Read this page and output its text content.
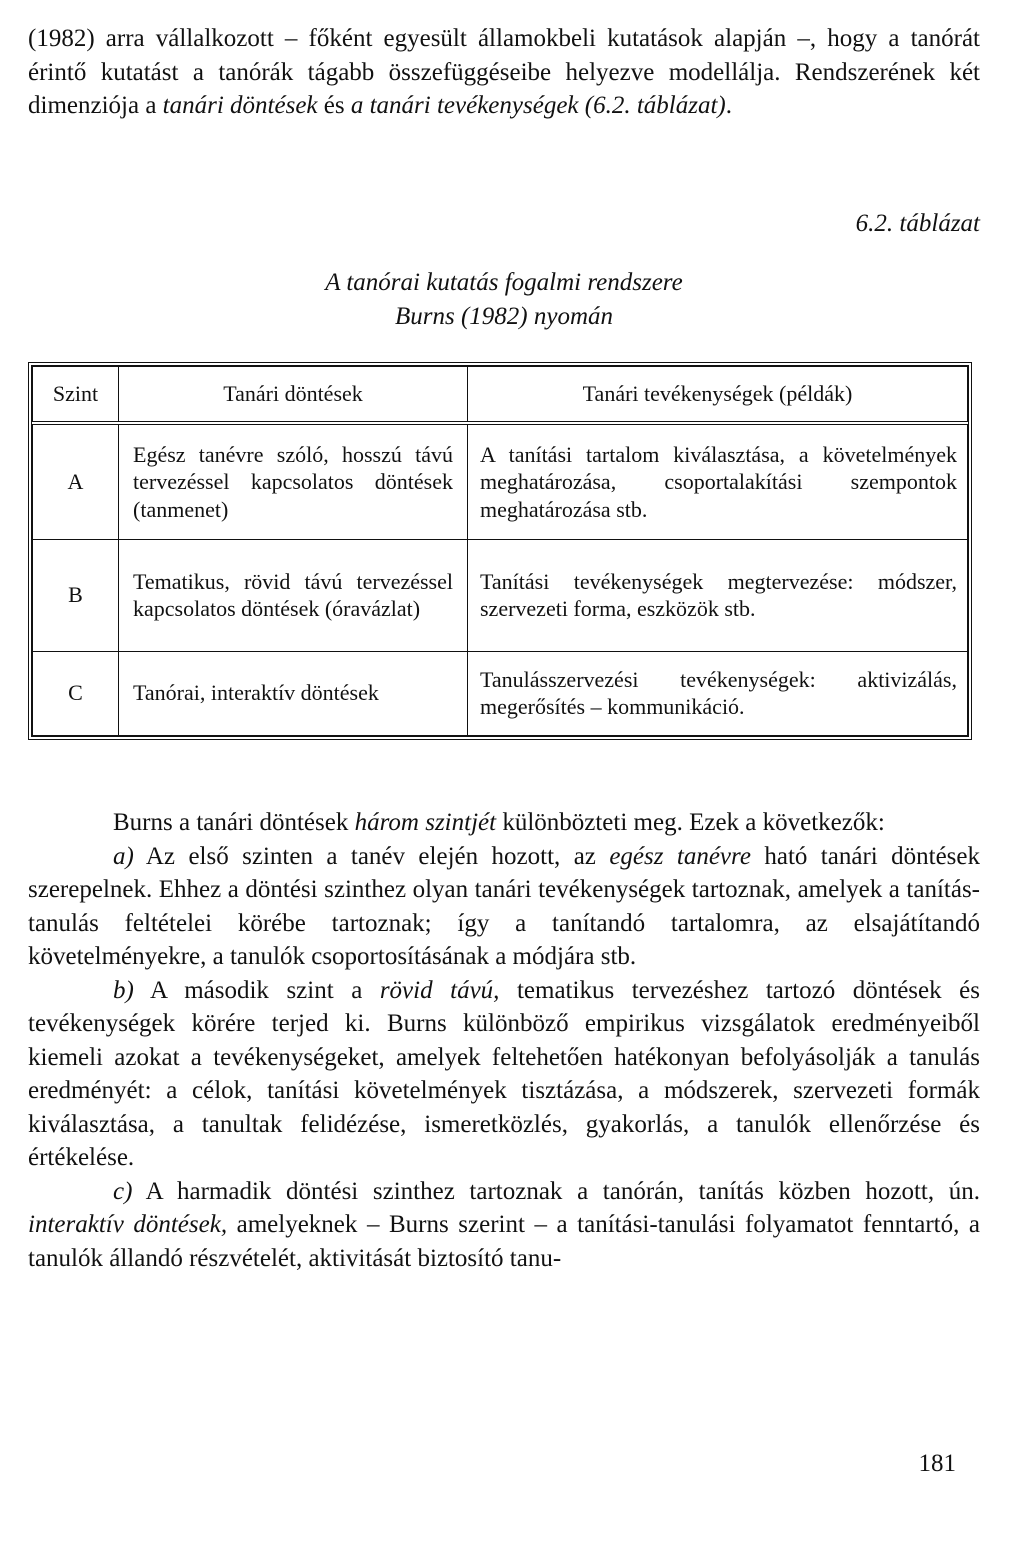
(1982) arra vállalkozott – főként egyesült államokbeli kutatások alapján –, hogy a tanórát érintő kutatást a tanórák tágabb összefüggéseibe helyezve modellálja. Rendszerének két dimenziója a tanári döntések és a tanári tevékenységek (6.2. táblázat).

6.2. táblázat
A tanórai kutatás fogalmi rendszere
Burns (1982) nyomán
Szint	Tanári döntések	Tanári tevékenységek (példák)
A	Egész tanévre szóló, hosszú távú tervezéssel kapcsolatos döntések (tanmenet)	A tanítási tartalom kiválasztása, a követelmények meghatározása, csoportalakítási szempontok meghatározása stb.
B	Tematikus, rövid távú tervezéssel kapcsolatos döntések (óravázlat)	Tanítási tevékenységek megtervezése: módszer, szervezeti forma, eszközök stb.
C	Tanórai, interaktív döntések	Tanulásszervezési tevékenységek: aktivizálás, megerősítés – kommunikáció.

Burns a tanári döntések három szintjét különbözteti meg. Ezek a következők:

a) Az első szinten a tanév elején hozott, az egész tanévre ható tanári döntések szerepelnek. Ehhez a döntési szinthez olyan tanári tevékenységek tartoznak, amelyek a tanítás-tanulás feltételei körébe tartoznak; így a tanítandó tartalomra, az elsajátítandó követelményekre, a tanulók csoportosításának a módjára stb.

b) A második szint a rövid távú, tematikus tervezéshez tartozó döntések és tevékenységek körére terjed ki. Burns különböző empirikus vizsgálatok eredményeiből kiemeli azokat a tevékenységeket, amelyek feltehetően hatékonyan befolyásolják a tanulás eredményét: a célok, tanítási követelmények tisztázása, a módszerek, szervezeti formák kiválasztása, a tanultak felidézése, ismeretközlés, gyakorlás, a tanulók ellenőrzése és értékelése.

c) A harmadik döntési szinthez tartoznak a tanórán, tanítás közben hozott, ún. interaktív döntések, amelyeknek – Burns szerint – a tanítási-tanulási folyamatot fenntartó, a tanulók állandó részvételét, aktivitását biztosító tanu-

181
